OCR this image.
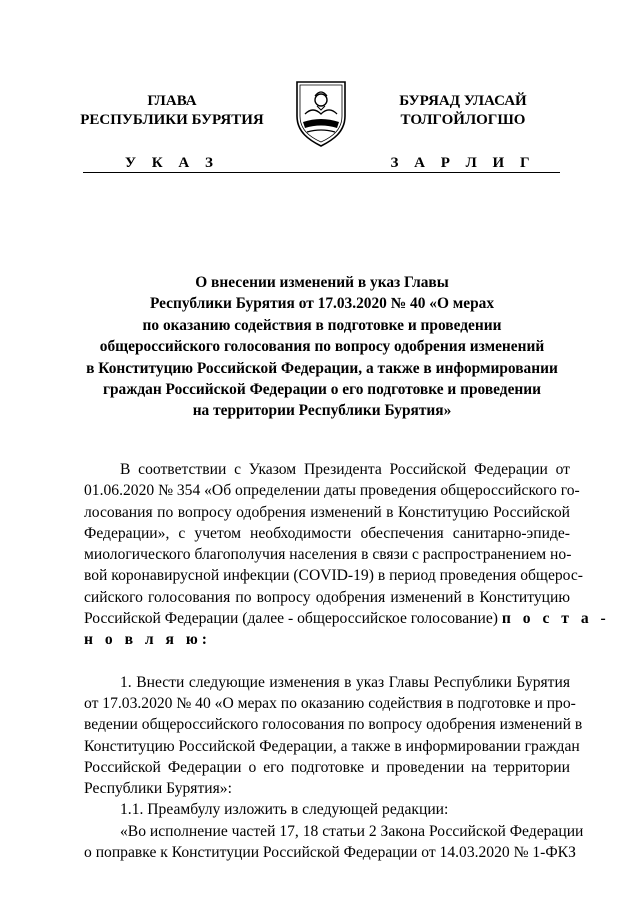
ГЛАВА
РЕСПУБЛИКИ БУРЯТИЯ
У К А З
БУРЯАД УЛАСАЙ
ТОЛГОЙЛОГШО
З А Р Л И Г
О внесении изменений в указ Главы
Республики Бурятия от 17.03.2020 № 40 «О мерах
по оказанию содействия в подготовке и проведении
общероссийского голосования по вопросу одобрения изменений
в Конституцию Российской Федерации, а также в информировании
граждан Российской Федерации о его подготовке и проведении
на территории Республики Бурятия»
В соответствии с Указом Президента Российской Федерации от
01.06.2020 № 354 «Об определении даты проведения общероссийского го-
лосования по вопросу одобрения изменений в Конституцию Российской
Федерации», с учетом необходимости обеспечения санитарно-эпиде-
миологического благополучия населения в связи с распространением но-
вой коронавирусной инфекции (COVID-19) в период проведения общерос-
сийского голосования по вопросу одобрения изменений в Конституцию
Российской Федерации (далее - общероссийское голосование) п о с т а -
н о в л я ю:
1. Внести следующие изменения в указ Главы Республики Бурятия
от 17.03.2020 № 40 «О мерах по оказанию содействия в подготовке и про-
ведении общероссийского голосования по вопросу одобрения изменений в
Конституцию Российской Федерации, а также в информировании граждан
Российской Федерации о его подготовке и проведении на территории
Республики Бурятия»:
1.1. Преамбулу изложить в следующей редакции:
«Во исполнение частей 17, 18 статьи 2 Закона Российской Федерации
о поправке к Конституции Российской Федерации от 14.03.2020 № 1-ФКЗ
